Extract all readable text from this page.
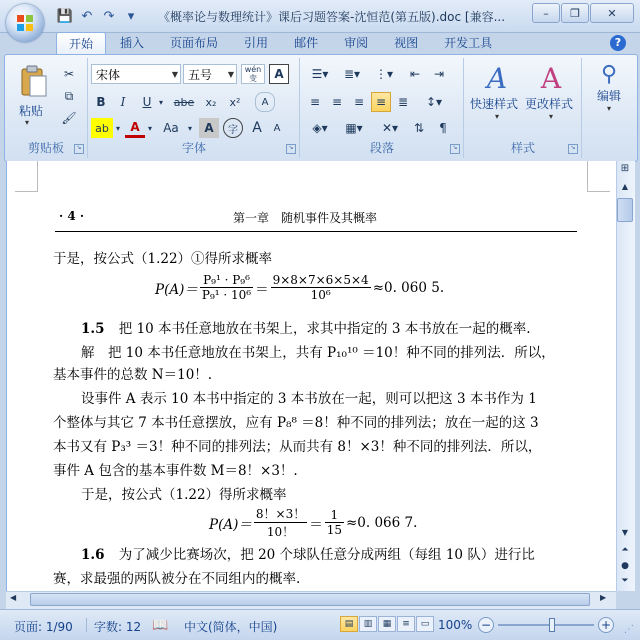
💾 ↶ ↷	▾	《概率论与数理统计》课后习题答案-沈恒范(第五版).doc [兼容...	–	❐	✕
开始	插入	页面布局	引用	邮件	审阅	视图	开发工具	?
粘贴
▾
✂
⧉
🖌
剪贴板	↘
宋体	▼ 五号 ▼
wén 变	A
B	I	U ▾ abe	x₂	x²	A
ab ▾ A	▾ Aa	▾	A	字	A	A
字体	↘
☰▾	≣▾	⋮▾	⇤	⇥
≡ ≡ ≡ ≡ ≣	↕▾
◈▾	▦▾	✕▾	⇅	¶
段落	↘
A
快速样式
▾
A
更改样式
▾
样式	↘
⚲
编辑
▾
· 4 ·	第一章　随机事件及其概率
于是，按公式（1.22）①得所求概率
$P(A)= \frac{\text{P₉¹ · P₉⁶}}{\text{P₉¹ · 10⁶}} = \frac{9\times 8\times 7\times 6\times 5\times 4}{\text{10⁶}} \approx 0$. 060 5.
1.5 把 10 本书任意地放在书架上，求其中指定的 3 本书放在一起的概率.
解　把 10 本书任意地放在书架上，共有 P₁₀¹⁰ ＝10！种不同的排列法．所以，
基本事件的总数 N＝10！.
设事件 A 表示 10 本书中指定的 3 本书放在一起，则可以把这 3 本书作为 1
个整体与其它 7 本书任意摆放，应有 P₈⁸ ＝8！种不同的排列法；放在一起的这 3
本书又有 P₃³ ＝3！种不同的排列法；从而共有 8！×3！种不同的排列法．所以，
事件 A 包含的基本事件数 M＝8！×3！.
于是，按公式（1.22）得所求概率
$P(A)= \frac{8!\times 3!}{10!} = \frac{1}{15} \approx 0$. 066 7.
1.6 为了减少比赛场次，把 20 个球队任意分成两组（每组 10 队）进行比
赛，求最强的两队被分在不同组内的概率.
⊞
▲
▼
⏶
●
⏷
◀	▶
页面: 1/90 字数: 12 📖 中文(简体，中国)	▤	▥	▦	≡	▭ 100% −	+ ⋰
